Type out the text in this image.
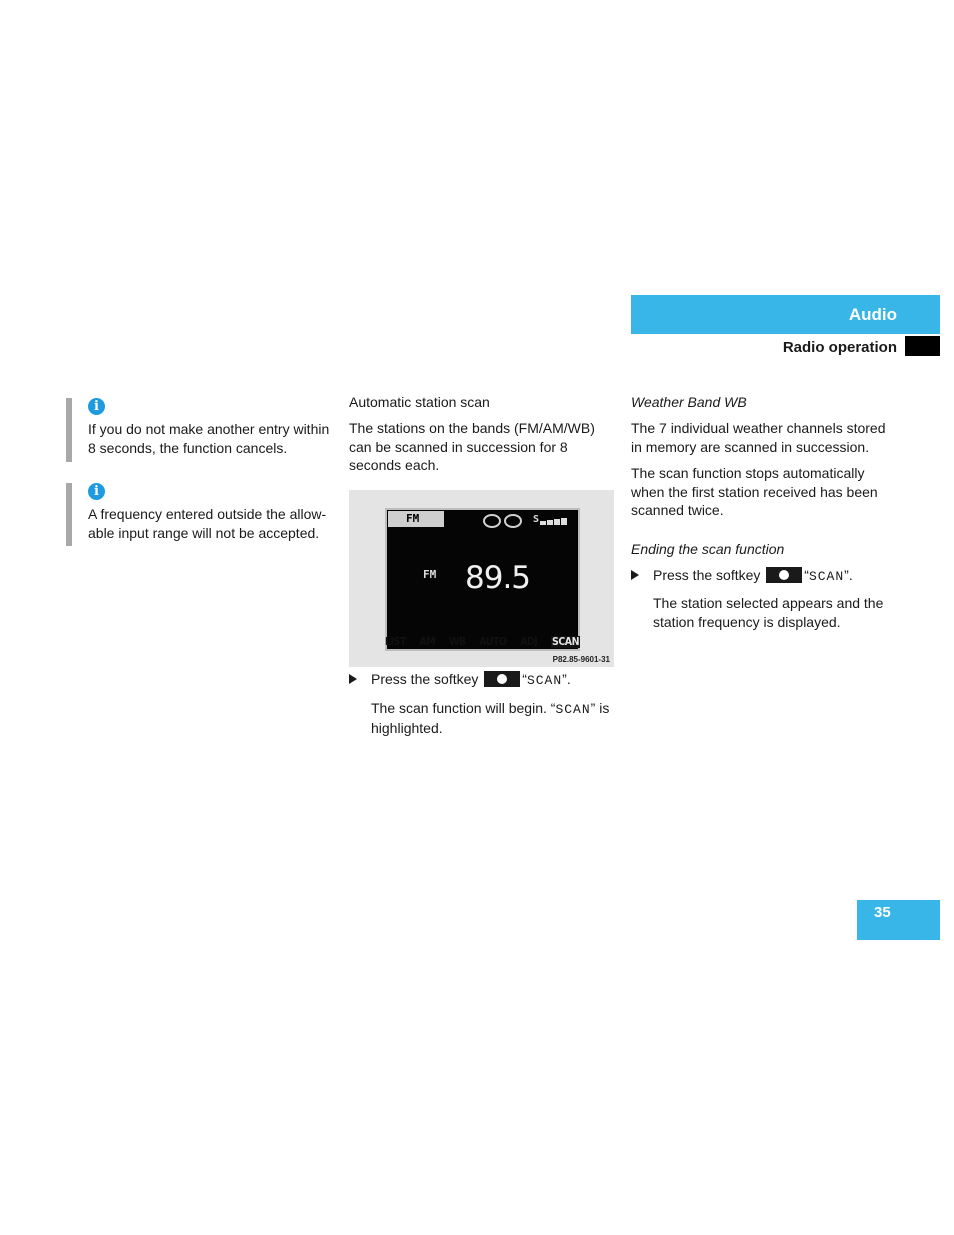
Audio
Radio operation
i
If you do not make another entry within 8 seconds, the function cancels.
i
A frequency entered outside the allow-able input range will not be accepted.
Automatic station scan

The stations on the bands (FM/AM/WB) can be scanned in succession for 8 seconds each.

FM	S
FM 89.5
LIST AM WB AUTO ADJ SCAN
P82.85-9601-31

Press the softkey	“SCAN”.

The scan function will begin. “SCAN” is highlighted.

Weather Band WB

The 7 individual weather channels stored in memory are scanned in succession.

The scan function stops automatically when the first station received has been scanned twice.

Ending the scan function

Press the softkey	“SCAN”.

The station selected appears and the station frequency is displayed.

35
